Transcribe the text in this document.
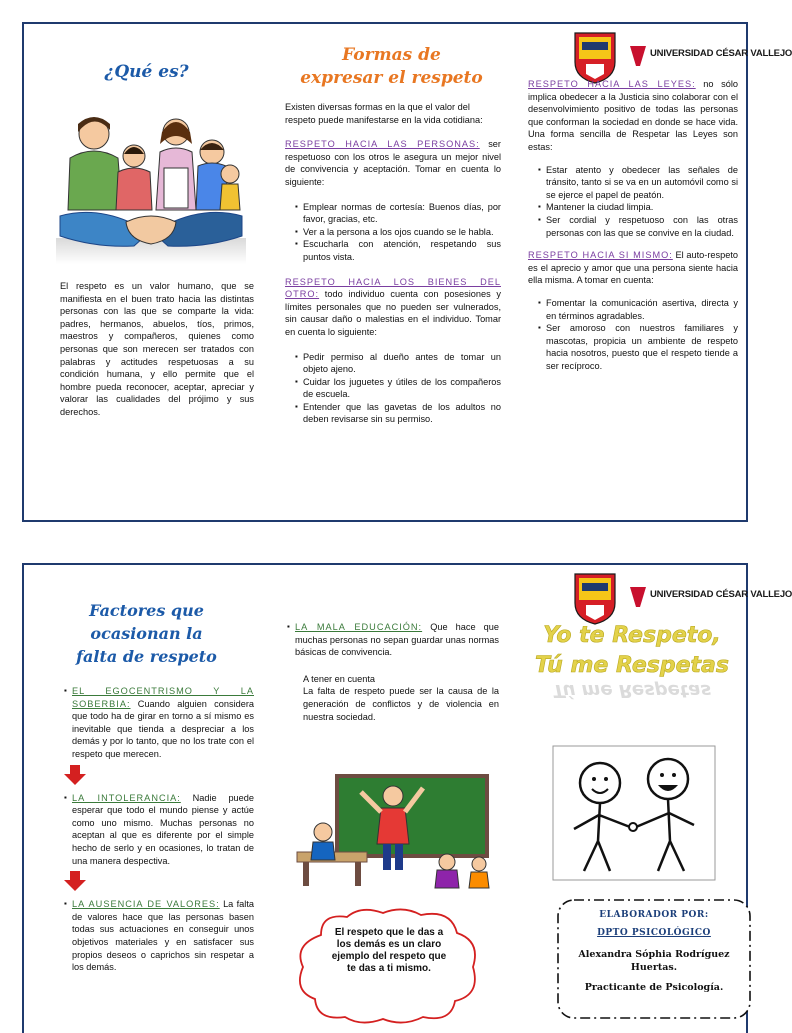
¿Qué es?

El respeto es un valor humano, que se manifiesta en el buen trato hacia las distintas personas con las que se comparte la vida: padres, hermanos, abuelos, tíos, primos, maestros y compañeros, quienes como personas que son merecen ser tratados con palabras y actitudes respetuosas a su condición humana, y ello permite que el hombre pueda reconocer, aceptar, apreciar y valorar las cualidades del prójimo y sus derechos.

Formas de
expresar el respeto

Existen diversas formas en la que el valor del respeto puede manifestarse en la vida cotidiana:

RESPETO HACIA LAS PERSONAS: ser respetuoso con los otros le asegura un mejor nivel de convivencia y aceptación. Tomar en cuenta lo siguiente:

▪ Emplear normas de cortesía: Buenos días, por favor, gracias, etc.
▪ Ver a la persona a los ojos cuando se le habla.
▪ Escucharla con atención, respetando sus puntos vista.

RESPETO HACIA LOS BIENES DEL OTRO: todo individuo cuenta con posesiones y límites personales que no pueden ser vulnerados, sin causar daño o malestias en el individuo. Tomar en cuenta lo siguiente:

▪ Pedir permiso al dueño antes de tomar un objeto ajeno.
▪ Cuidar los juguetes y útiles de los compañeros de escuela.
▪ Entender que las gavetas de los adultos no deben revisarse sin su permiso.
UNIVERSIDAD CÉSAR VALLEJO

RESPETO HACIA LAS LEYES: no sólo implica obedecer a la Justicia sino colaborar con el desenvolvimiento positivo de todas las personas que conforman la sociedad en donde se hace vida. Una forma sencilla de Respetar las Leyes son estas:

▪ Estar atento y obedecer las señales de tránsito, tanto si se va en un automóvil como si se ejerce el papel de peatón.
▪ Mantener la ciudad limpia.
▪ Ser cordial y respetuoso con las otras personas con las que se convive en la ciudad.

RESPETO HACIA SI MISMO: El auto-respeto es el aprecio y amor que una persona siente hacia ella misma. A tomar en cuenta:

▪ Fomentar la comunicación asertiva, directa y en términos agradables.
▪ Ser amoroso con nuestros familiares y mascotas, propicia un ambiente de respeto hacia nosotros, puesto que el respeto tiende a ser recíproco.
Factores que
ocasionan la
falta de respeto
▪ EL EGOCENTRISMO Y LA SOBERBIA: Cuando alguien considera que todo ha de girar en torno a sí mismo es inevitable que tienda a despreciar a los demás y por lo tanto, que no los trate con el respeto que merecen.
▪ LA INTOLERANCIA: Nadie puede esperar que todo el mundo piense y actúe como uno mismo. Muchas personas no aceptan al que es diferente por el simple hecho de serlo y en ocasiones, lo tratan de una manera despectiva.
▪ LA AUSENCIA DE VALORES: La falta de valores hace que las personas basen todas sus actuaciones en conseguir unos objetivos materiales y en satisfacer sus propios deseos o caprichos sin respetar a los demás.
▪ LA MALA EDUCACIÓN: Que hace que muchas personas no sepan guardar unas normas básicas de convivencia.

A tener en cuenta

La falta de respeto puede ser la causa de la generación de conflictos y de violencia en nuestra sociedad.

El respeto que le das a los demás es un claro ejemplo del respeto que te das a ti mismo.
UNIVERSIDAD CÉSAR VALLEJO
Yo te Respeto,
Tú me Respetas
Tú me Respetas
ELABORADOR POR:
DPTO PSICOLÓGICO
Alexandra Sóphia Rodríguez Huertas.
Practicante de Psicología.
